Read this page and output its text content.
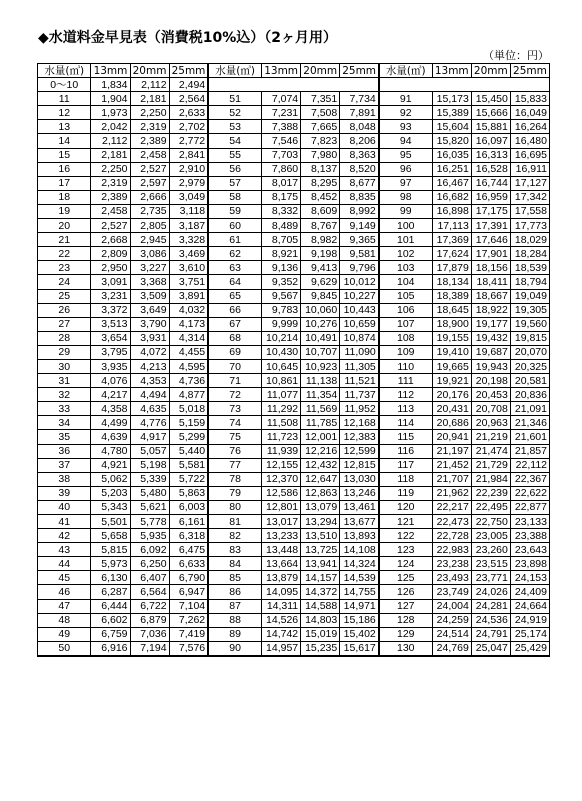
◆水道料金早見表（消費税10%込）（2ヶ月用）
（単位：円）
水量(㎥)	13mm	20mm	25mm	水量(㎥)	13mm	20mm	25mm	水量(㎥)	13mm	20mm	25mm
0〜10	1,834	2,112	2,494								
11	1,904	2,181	2,564	51	7,074	7,351	7,734	91	15,173	15,450	15,833
12	1,973	2,250	2,633	52	7,231	7,508	7,891	92	15,389	15,666	16,049
13	2,042	2,319	2,702	53	7,388	7,665	8,048	93	15,604	15,881	16,264
14	2,112	2,389	2,772	54	7,546	7,823	8,206	94	15,820	16,097	16,480
15	2,181	2,458	2,841	55	7,703	7,980	8,363	95	16,035	16,313	16,695
16	2,250	2,527	2,910	56	7,860	8,137	8,520	96	16,251	16,528	16,911
17	2,319	2,597	2,979	57	8,017	8,295	8,677	97	16,467	16,744	17,127
18	2,389	2,666	3,049	58	8,175	8,452	8,835	98	16,682	16,959	17,342
19	2,458	2,735	3,118	59	8,332	8,609	8,992	99	16,898	17,175	17,558
20	2,527	2,805	3,187	60	8,489	8,767	9,149	100	17,113	17,391	17,773
21	2,668	2,945	3,328	61	8,705	8,982	9,365	101	17,369	17,646	18,029
22	2,809	3,086	3,469	62	8,921	9,198	9,581	102	17,624	17,901	18,284
23	2,950	3,227	3,610	63	9,136	9,413	9,796	103	17,879	18,156	18,539
24	3,091	3,368	3,751	64	9,352	9,629	10,012	104	18,134	18,411	18,794
25	3,231	3,509	3,891	65	9,567	9,845	10,227	105	18,389	18,667	19,049
26	3,372	3,649	4,032	66	9,783	10,060	10,443	106	18,645	18,922	19,305
27	3,513	3,790	4,173	67	9,999	10,276	10,659	107	18,900	19,177	19,560
28	3,654	3,931	4,314	68	10,214	10,491	10,874	108	19,155	19,432	19,815
29	3,795	4,072	4,455	69	10,430	10,707	11,090	109	19,410	19,687	20,070
30	3,935	4,213	4,595	70	10,645	10,923	11,305	110	19,665	19,943	20,325
31	4,076	4,353	4,736	71	10,861	11,138	11,521	111	19,921	20,198	20,581
32	4,217	4,494	4,877	72	11,077	11,354	11,737	112	20,176	20,453	20,836
33	4,358	4,635	5,018	73	11,292	11,569	11,952	113	20,431	20,708	21,091
34	4,499	4,776	5,159	74	11,508	11,785	12,168	114	20,686	20,963	21,346
35	4,639	4,917	5,299	75	11,723	12,001	12,383	115	20,941	21,219	21,601
36	4,780	5,057	5,440	76	11,939	12,216	12,599	116	21,197	21,474	21,857
37	4,921	5,198	5,581	77	12,155	12,432	12,815	117	21,452	21,729	22,112
38	5,062	5,339	5,722	78	12,370	12,647	13,030	118	21,707	21,984	22,367
39	5,203	5,480	5,863	79	12,586	12,863	13,246	119	21,962	22,239	22,622
40	5,343	5,621	6,003	80	12,801	13,079	13,461	120	22,217	22,495	22,877
41	5,501	5,778	6,161	81	13,017	13,294	13,677	121	22,473	22,750	23,133
42	5,658	5,935	6,318	82	13,233	13,510	13,893	122	22,728	23,005	23,388
43	5,815	6,092	6,475	83	13,448	13,725	14,108	123	22,983	23,260	23,643
44	5,973	6,250	6,633	84	13,664	13,941	14,324	124	23,238	23,515	23,898
45	6,130	6,407	6,790	85	13,879	14,157	14,539	125	23,493	23,771	24,153
46	6,287	6,564	6,947	86	14,095	14,372	14,755	126	23,749	24,026	24,409
47	6,444	6,722	7,104	87	14,311	14,588	14,971	127	24,004	24,281	24,664
48	6,602	6,879	7,262	88	14,526	14,803	15,186	128	24,259	24,536	24,919
49	6,759	7,036	7,419	89	14,742	15,019	15,402	129	24,514	24,791	25,174
50	6,916	7,194	7,576	90	14,957	15,235	15,617	130	24,769	25,047	25,429
